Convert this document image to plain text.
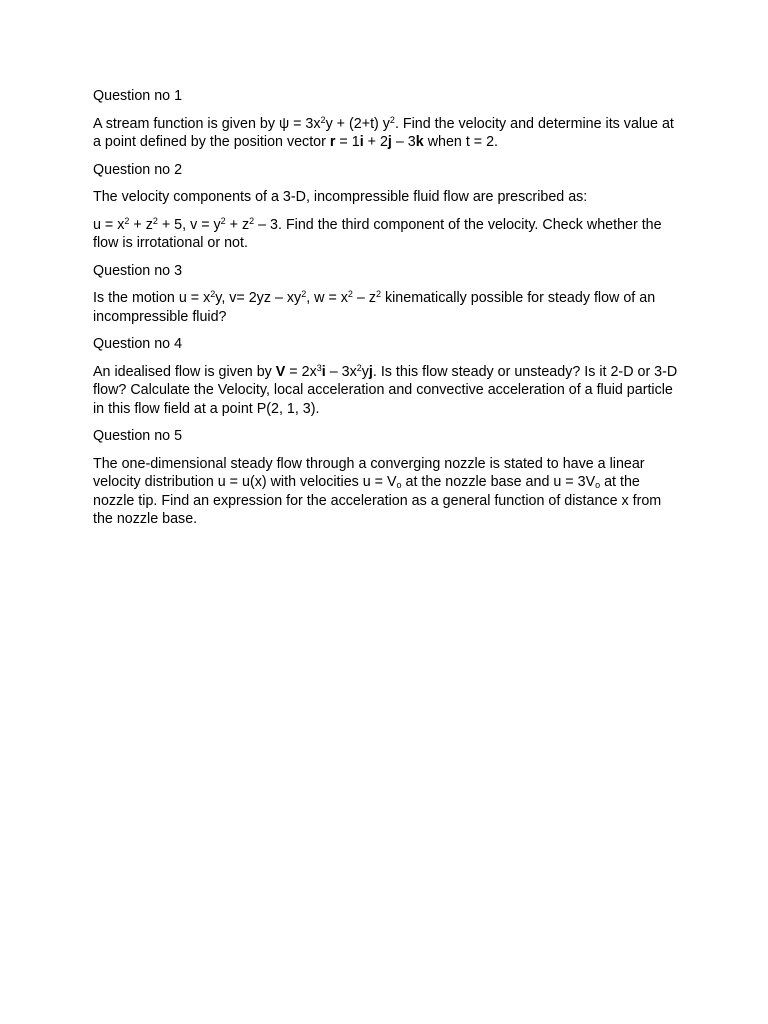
Question no 1
A stream function is given by $\psi = 3x^2y + (2+t)$ $y^2$. Find the velocity and determine its value at a point defined by the position vector r = 1i + 2j – 3k when t = 2.
Question no 2
The velocity components of a 3-D, incompressible fluid flow are prescribed as:
$u = x^2 + z^2 + 5$, $v = y^2 + z^2 - 3$. Find the third component of the velocity. Check whether the flow is irrotational or not.
Question no 3
Is the motion $u = x^2y$, $v= 2yz - xy^2$, $w = x^2 - z^2$ kinematically possible for steady flow of an incompressible fluid?
Question no 4
An idealised flow is given by $V = 2x^3i - 3x^2yj$. Is this flow steady or unsteady? Is it 2-D or 3-D flow? Calculate the Velocity, local acceleration and convective acceleration of a fluid particle in this flow field at a point P(2, 1, 3).
Question no 5
The one-dimensional steady flow through a converging nozzle is stated to have a linear velocity distribution u = u(x) with velocities $u = V_o$ at the nozzle base and $u = 3V_o$ at the nozzle tip. Find an expression for the acceleration as a general function of distance x from the nozzle base.
